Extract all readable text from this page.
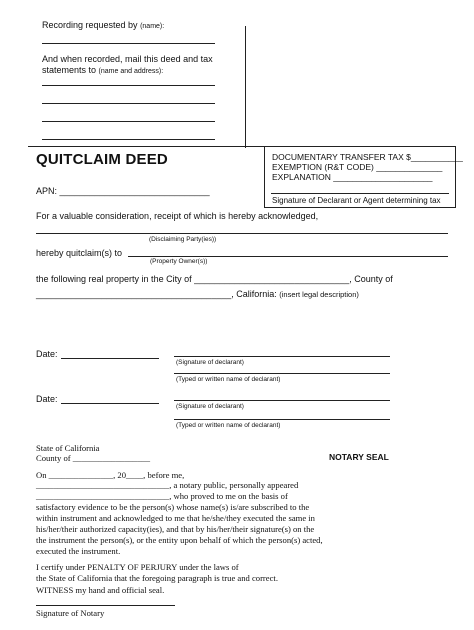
Recording requested by (name):
And when recorded, mail this deed and tax
statements to (name and address):
QUITCLAIM DEED
APN: ______________________________
DOCUMENTARY TRANSFER TAX $___________
EXEMPTION (R&T CODE) ______________
EXPLANATION _____________________
Signature of Declarant or Agent determining tax
For a valuable consideration, receipt of which is hereby acknowledged,
(Disclaiming Party(ies))
hereby quitclaim(s) to
(Property Owner(s))
the following real property in the City of _______________________________, County of
_______________________________________, California: (insert legal description)
Date:
(Signature of declarant)
(Typed or written name of declarant)
Date:
(Signature of declarant)
(Typed or written name of declarant)
State of California
County of __________________	NOTARY SEAL
On _______________, 20____, before me,
_______________________________, a notary public, personally appeared
_______________________________, who proved to me on the basis of
satisfactory evidence to be the person(s) whose name(s) is/are subscribed to the
within instrument and acknowledged to me that he/she/they executed the same in
his/her/their authorized capacity(ies), and that by his/her/their signature(s) on the
the instrument the person(s), or the entity upon behalf of which the person(s) acted,
executed the instrument.
I certify under PENALTY OF PERJURY under the laws of
the State of California that the foregoing paragraph is true and correct.
WITNESS my hand and official seal.
Signature of Notary
